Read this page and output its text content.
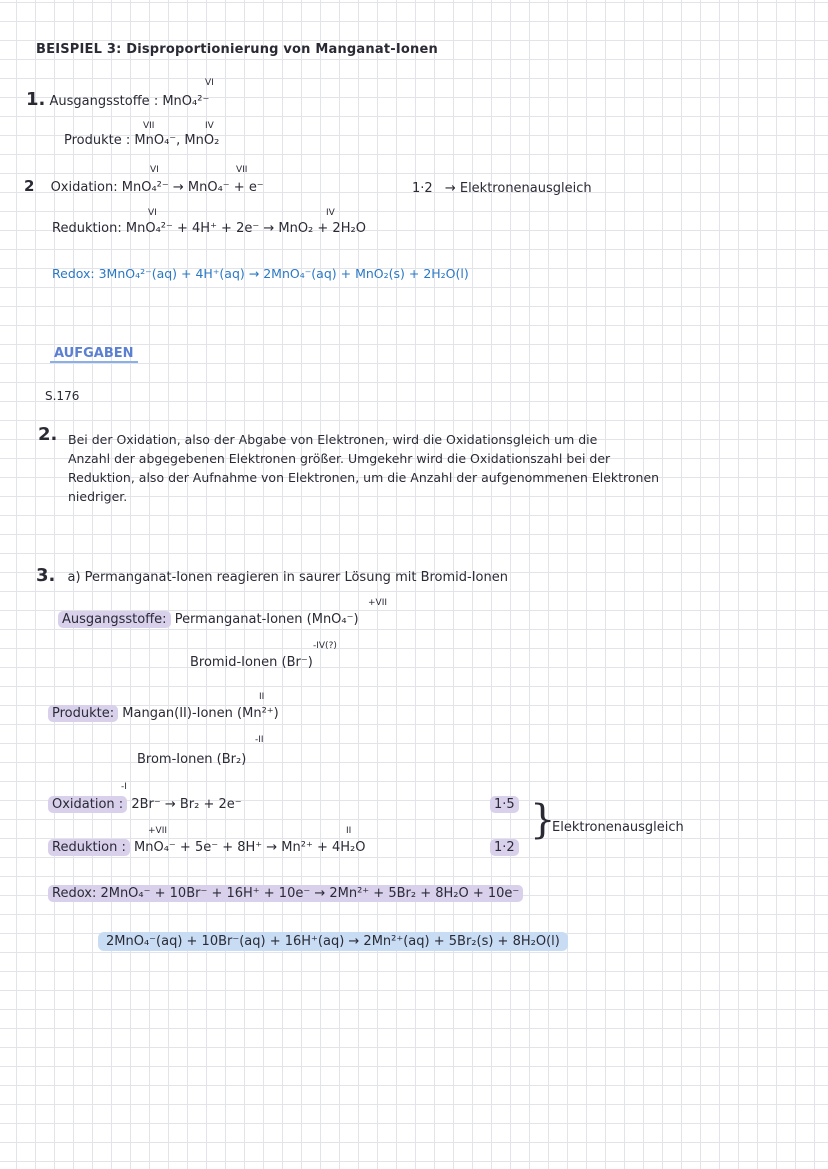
BEISPIEL 3: Disproportionierung von Manganat-Ionen
VI
1. Ausgangsstoffe : MnO₄²⁻
VII	IV
Produkte : MnO₄⁻, MnO₂
VI	VII
2 Oxidation: MnO₄²⁻ → MnO₄⁻ + e⁻	1·2 → Elektronenausgleich
VI	IV
Reduktion: MnO₄²⁻ + 4H⁺ + 2e⁻ → MnO₂ + 2H₂O
Redox: 3MnO₄²⁻(aq) + 4H⁺(aq) → 2MnO₄⁻(aq) + MnO₂(s) + 2H₂O(l)
AUFGABEN
S.176
2. Bei der Oxidation, also der Abgabe von Elektronen, wird die Oxidationsgleich um die
Anzahl der abgegebenen Elektronen größer. Umgekehr wird die Oxidationszahl bei der
Reduktion, also der Aufnahme von Elektronen, um die Anzahl der aufgenommenen Elektronen
niedriger.
3. a) Permanganat-Ionen reagieren in saurer Lösung mit Bromid-Ionen
+VII
Ausgangsstoffe: Permanganat-Ionen (MnO₄⁻)
-IV(?)
Bromid-Ionen (Br⁻)
II
Produkte: Mangan(II)-Ionen (Mn²⁺)
-II
Brom-Ionen (Br₂)
-I
Oxidation : 2Br⁻ → Br₂ + 2e⁻	1·5
+VII	II
Reduktion : MnO₄⁻ + 5e⁻ + 8H⁺ → Mn²⁺ + 4H₂O	1·2
}
Elektronenausgleich
Redox: 2MnO₄⁻ + 10Br⁻ + 16H⁺ + 10e⁻ → 2Mn²⁺ + 5Br₂ + 8H₂O + 10e⁻
2MnO₄⁻(aq) + 10Br⁻(aq) + 16H⁺(aq) → 2Mn²⁺(aq) + 5Br₂(s) + 8H₂O(l)
